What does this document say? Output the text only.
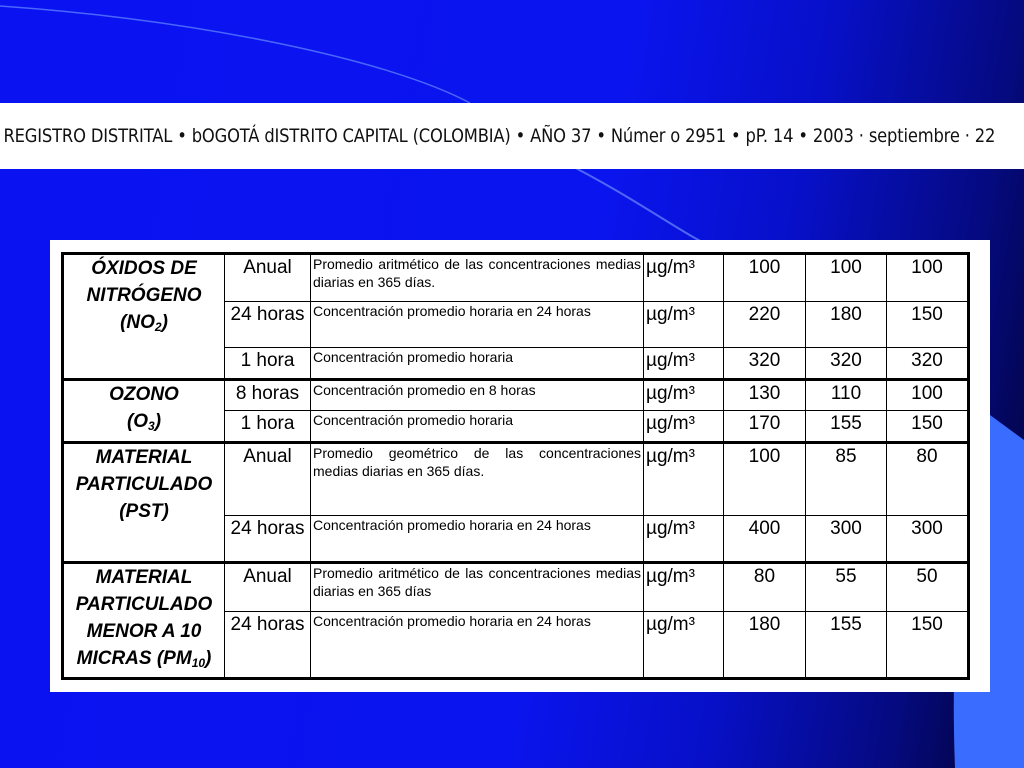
REGISTRO DISTRITAL • bOGOTÁ dISTRITO CAPITAL (COLOMBIA) • AÑO 37 • Númer o 2951 • pP. 14 • 2003 · septiembre · 22
ÓXIDOS DE
NITRÓGENO
$(NO_2)$	Anual	Promedio aritmético de las concentraciones medias diarias en 365 días.	µg/m³	100	100	100
	24 horas	Concentración promedio horaria en 24 horas	µg/m³	220	180	150
	1 hora	Concentración promedio horaria	µg/m³	320	320	320

OZONO
$(O_3)$	8 horas	Concentración promedio en 8 horas	µg/m³	130	110	100
	1 hora	Concentración promedio horaria	µg/m³	170	155	150

MATERIAL
PARTICULADO
(PST)	Anual	Promedio geométrico de las concentraciones medias diarias en 365 días.	µg/m³	100	85	80
	24 horas	Concentración promedio horaria en 24 horas	µg/m³	400	300	300

MATERIAL
PARTICULADO
MENOR A 10
MICRAS $(PM_{10})$	Anual	Promedio aritmético de las concentraciones medias diarias en 365 días	µg/m³	80	55	50
	24 horas	Concentración promedio horaria en 24 horas	µg/m³	180	155	150
